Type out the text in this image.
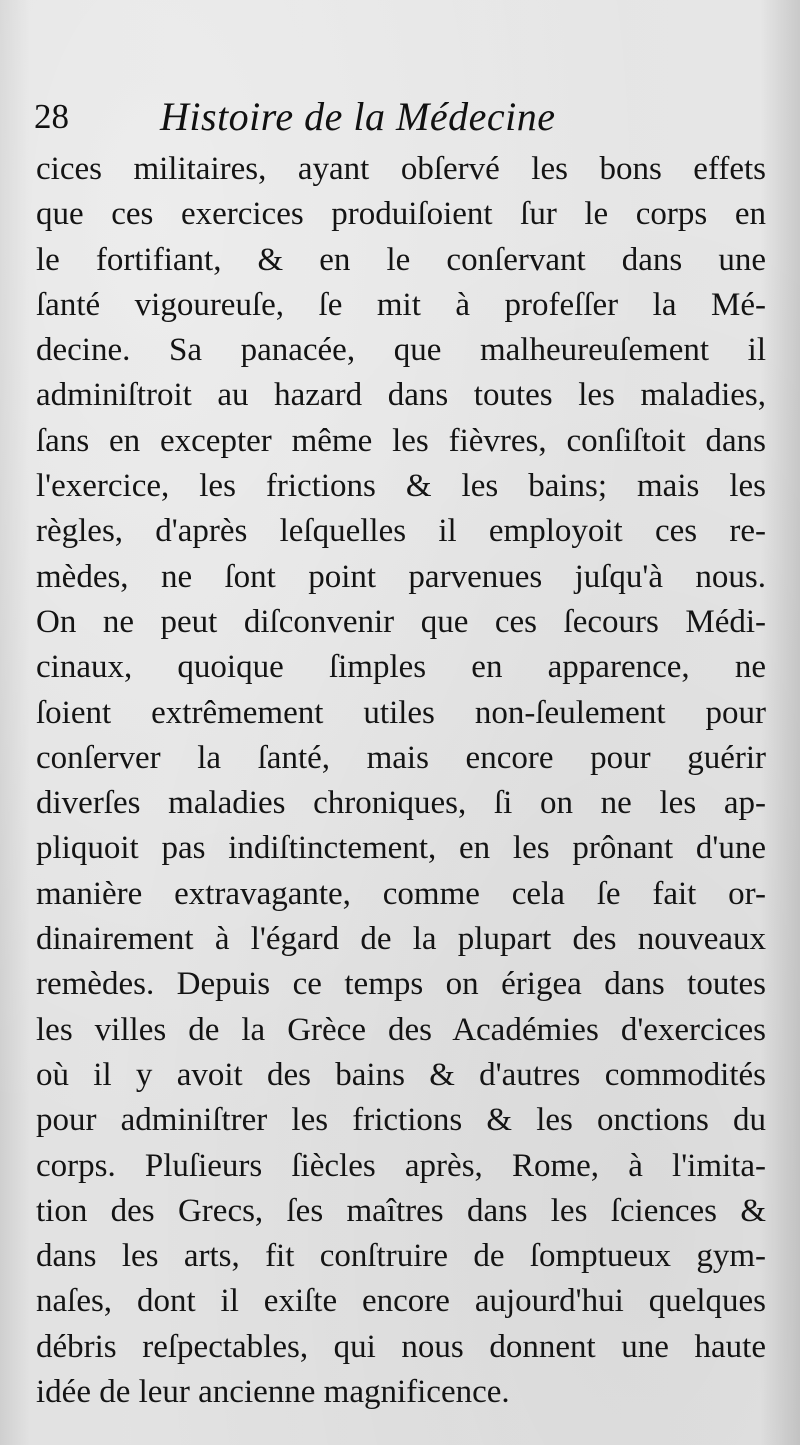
28 Histoire de la Médecine
cices militaires, ayant obſervé les bons effets
que ces exercices produiſoient ſur le corps en
le fortifiant, & en le conſervant dans une
ſanté vigoureuſe, ſe mit à profeſſer la Mé-
decine. Sa panacée, que malheureuſement il
adminiſtroit au hazard dans toutes les maladies,
ſans en excepter même les fièvres, conſiſtoit dans
l'exercice, les frictions & les bains; mais les
règles, d'après leſquelles il employoit ces re-
mèdes, ne ſont point parvenues juſqu'à nous.
On ne peut diſconvenir que ces ſecours Médi-
cinaux, quoique ſimples en apparence, ne
ſoient extrêmement utiles non-ſeulement pour
conſerver la ſanté, mais encore pour guérir
diverſes maladies chroniques, ſi on ne les ap-
pliquoit pas indiſtinctement, en les prônant d'une
manière extravagante, comme cela ſe fait or-
dinairement à l'égard de la plupart des nouveaux
remèdes. Depuis ce temps on érigea dans toutes
les villes de la Grèce des Académies d'exercices
où il y avoit des bains & d'autres commodités
pour adminiſtrer les frictions & les onctions du
corps. Pluſieurs ſiècles après, Rome, à l'imita-
tion des Grecs, ſes maîtres dans les ſciences &
dans les arts, fit conſtruire de ſomptueux gym-
naſes, dont il exiſte encore aujourd'hui quelques
débris reſpectables, qui nous donnent une haute
idée de leur ancienne magnificence.
